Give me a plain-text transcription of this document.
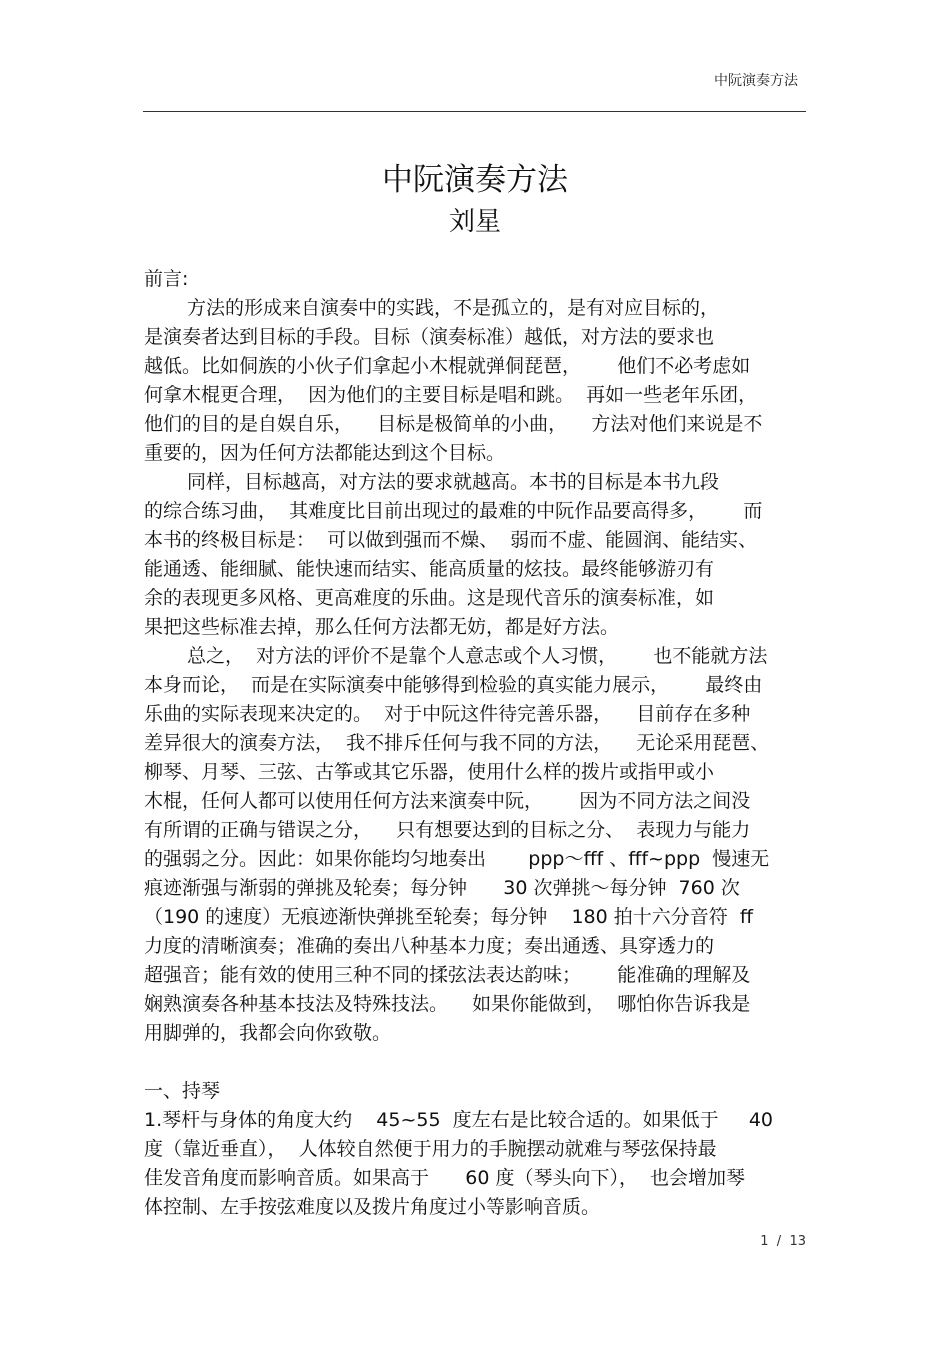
中阮演奏方法
中阮演奏方法
刘星
前言:
方法的形成来自演奏中的实践，不是孤立的，是有对应目标的，
是演奏者达到目标的手段。目标（演奏标准）越低，对方法的要求也
越低。比如侗族的小伙子们拿起小木棍就弹侗琵琶，      他们不必考虑如
何拿木棍更合理，  因为他们的主要目标是唱和跳。  再如一些老年乐团，
他们的目的是自娱自乐，    目标是极简单的小曲，    方法对他们来说是不
重要的，因为任何方法都能达到这个目标。
同样，目标越高，对方法的要求就越高。本书的目标是本书九段
的综合练习曲，  其难度比目前出现过的最难的中阮作品要高得多，      而
本书的终极目标是：  可以做到强而不燥、  弱而不虚、能圆润、能结实、
能通透、能细腻、能快速而结实、能高质量的炫技。最终能够游刃有
余的表现更多风格、更高难度的乐曲。这是现代音乐的演奏标准，如
果把这些标准去掉，那么任何方法都无妨，都是好方法。
总之，  对方法的评价不是靠个人意志或个人习惯，      也不能就方法
本身而论，  而是在实际演奏中能够得到检验的真实能力展示，      最终由
乐曲的实际表现来决定的。  对于中阮这件待完善乐器，    目前存在多种
差异很大的演奏方法，  我不排斥任何与我不同的方法，    无论采用琵琶、
柳琴、月琴、三弦、古筝或其它乐器，使用什么样的拨片或指甲或小
木棍，任何人都可以使用任何方法来演奏中阮，      因为不同方法之间没
有所谓的正确与错误之分，    只有想要达到的目标之分、  表现力与能力
的强弱之分。因此：如果你能均匀地奏出       ppp～fff 、fff~ppp  慢速无
痕迹渐强与渐弱的弹挑及轮奏；每分钟      30 次弹挑～每分钟  760 次
（190 的速度）无痕迹渐快弹挑至轮奏；每分钟    180 拍十六分音符  ff
力度的清晰演奏；准确的奏出八种基本力度；奏出通透、具穿透力的
超强音；能有效的使用三种不同的揉弦法表达韵味；      能准确的理解及
娴熟演奏各种基本技法及特殊技法。    如果你能做到，  哪怕你告诉我是
用脚弹的，我都会向你致敬。
一、持琴
1.琴杆与身体的角度大约    45~55  度左右是比较合适的。如果低于     40
度（靠近垂直），  人体较自然便于用力的手腕摆动就难与琴弦保持最
佳发音角度而影响音质。如果高于      60 度（琴头向下），  也会增加琴
体控制、左手按弦难度以及拨片角度过小等影响音质。
1  /  13
